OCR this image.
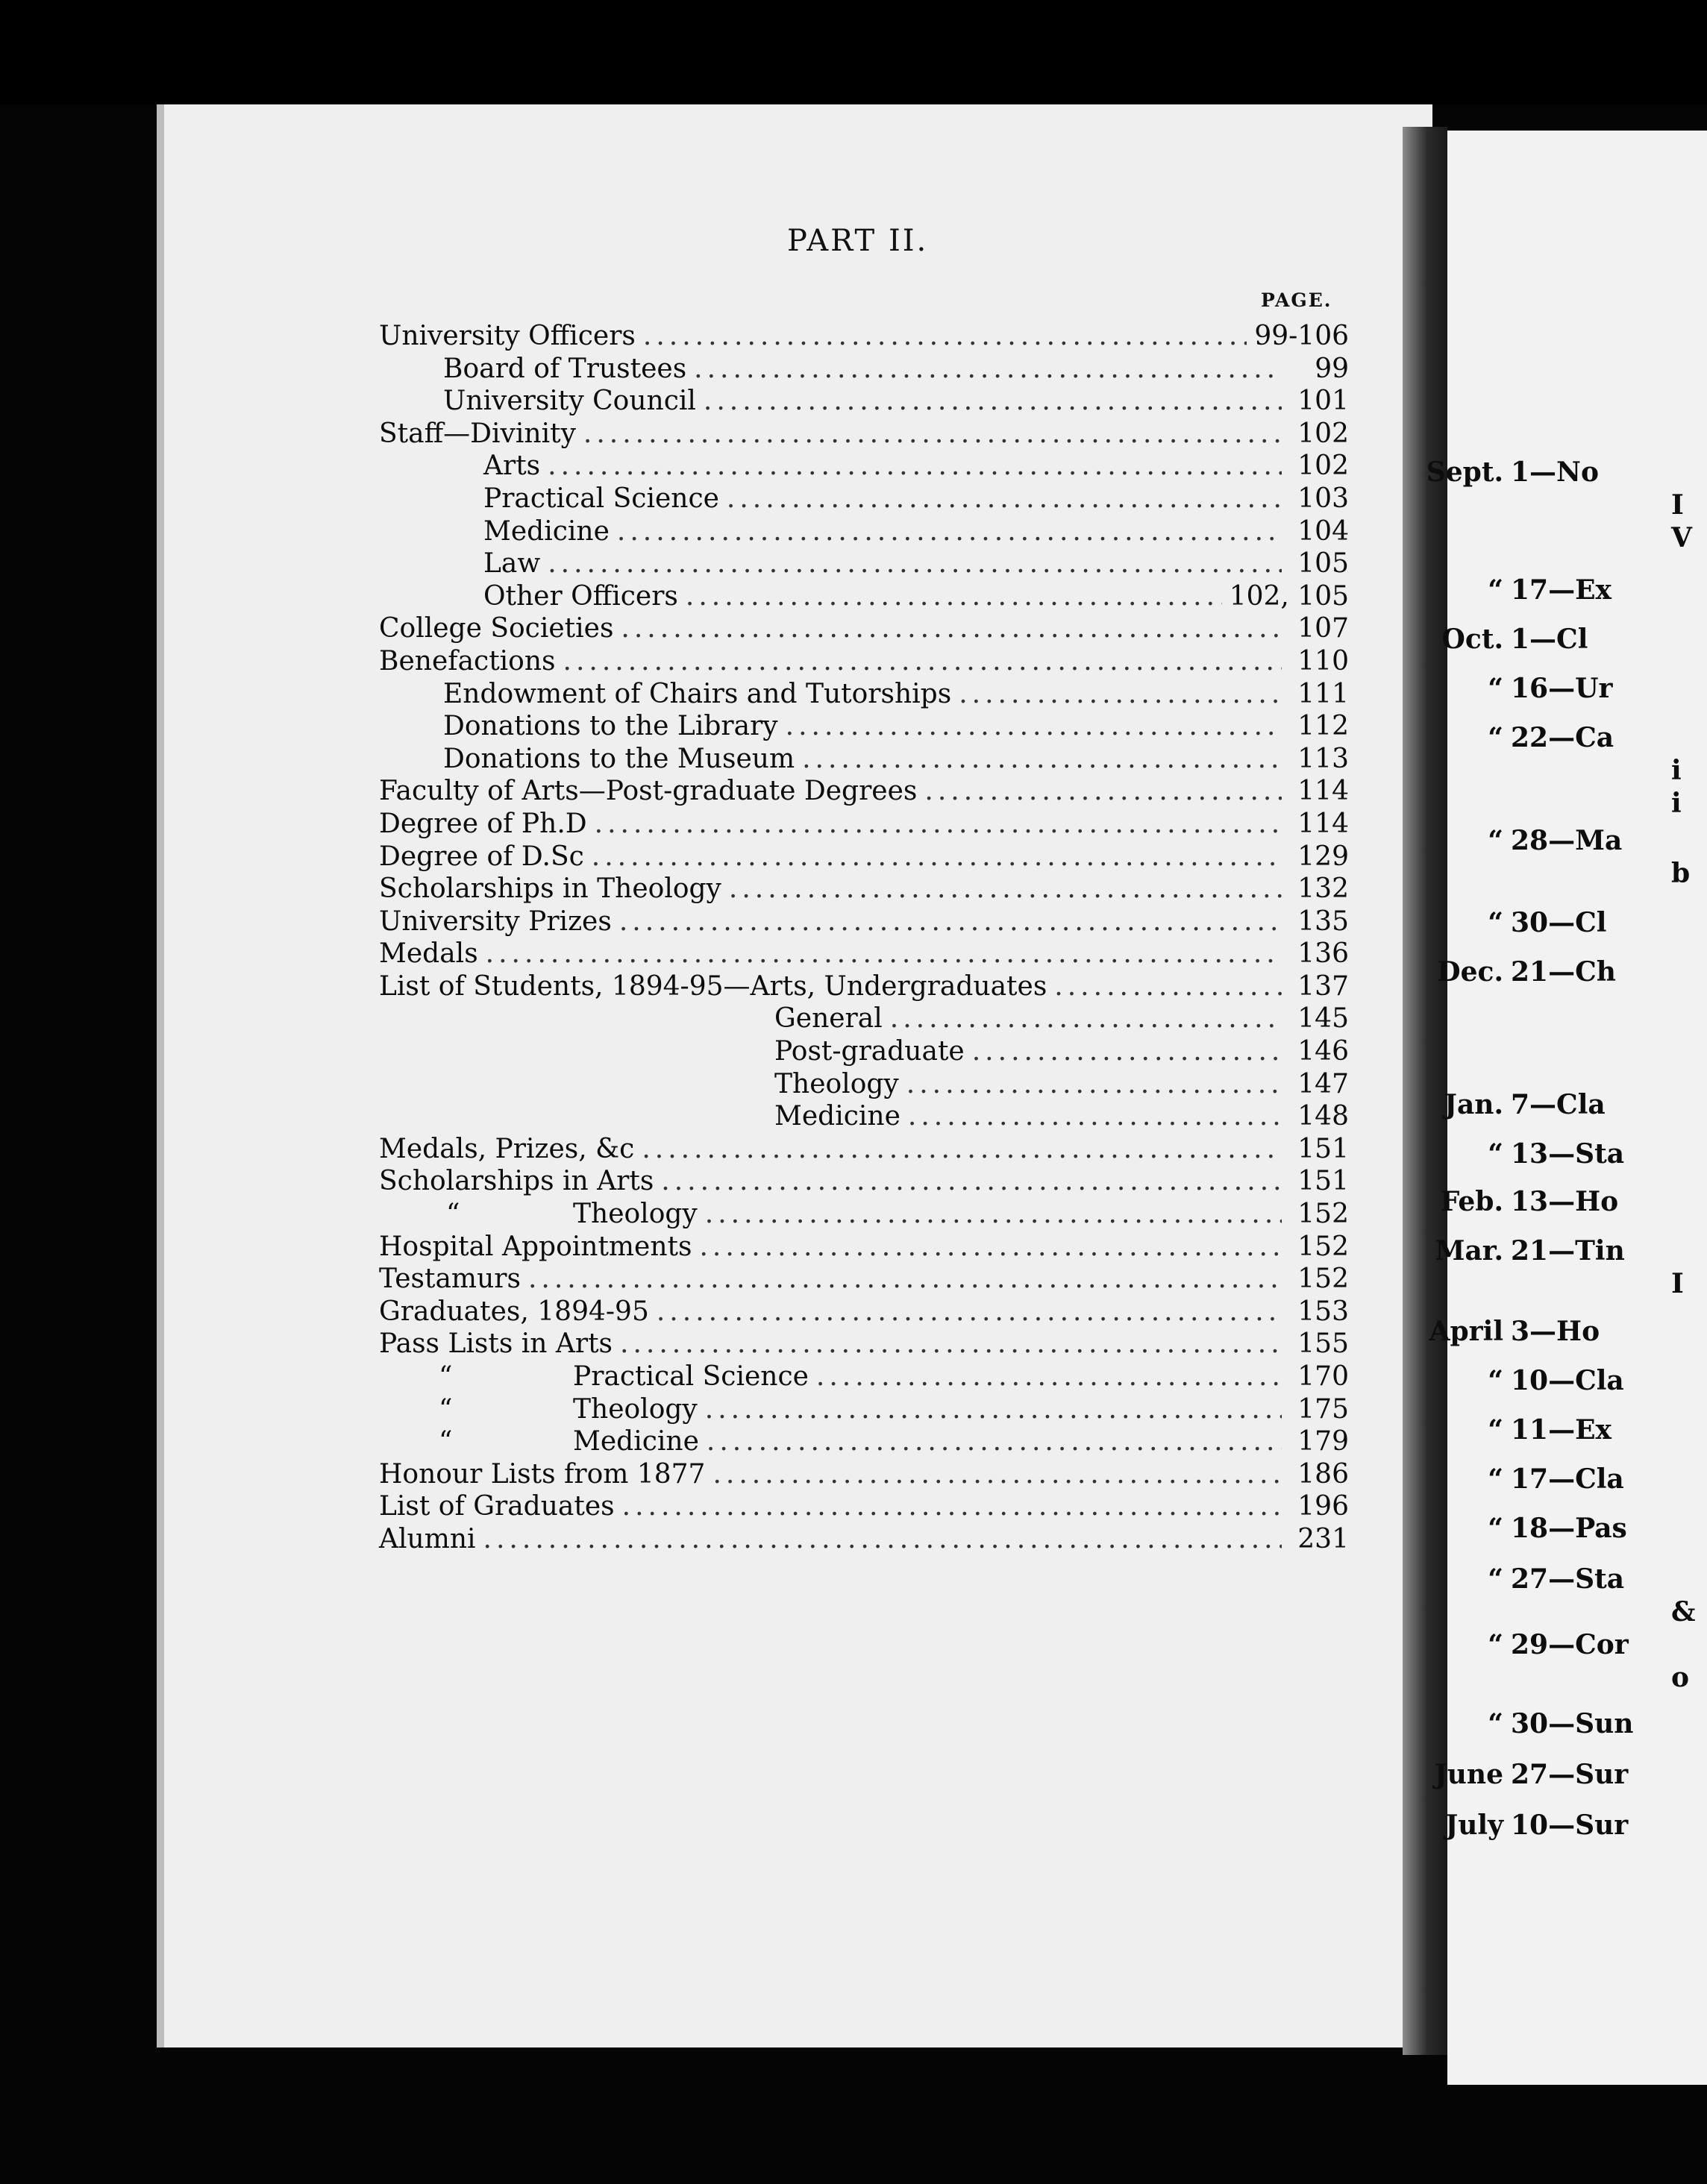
PART II.
PAGE.
University Officers .....	99-106
Board of Trustees .....	99
University Council .....	101
Staff—Divinity .....	102
Arts .....	102
Practical Science .....	103
Medicine .....	104
Law .....	105
Other Officers .....	102, 105
College Societies .....	107
Benefactions .....	110
Endowment of Chairs and Tutorships .....	111
Donations to the Library .....	112
Donations to the Museum .....	113
Faculty of Arts—Post-graduate Degrees .....	114
Degree of Ph.D .....	114
Degree of D.Sc .....	129
Scholarships in Theology .....	132
University Prizes .....	135
Medals .....	136
List of Students, 1894-95—Arts, Undergraduates .....	137
General .....	145
Post-graduate .....	146
Theology .....	147
Medicine .....	148
Medals, Prizes, &c .....	151
Scholarships in Arts .....	151
“	Theology .....	152
Hospital Appointments .....	152
Testamurs .....	152
Graduates, 1894-95 .....	153
Pass Lists in Arts .....	155
“	Practical Science .....	170
“	Theology .....	175
“	Medicine .....	179
Honour Lists from 1877 .....	186
List of Graduates .....	196
Alumni .....	231
Sept. 1—No
I
V
“ 17—Ex
Oct. 1—Cl
“ 16—Ur
“ 22—Ca
i
i
“ 28—Ma
b
“ 30—Cl
Dec. 21—Ch
Jan. 7—Cla
“ 13—Sta
Feb. 13—Ho
Mar. 21—Tin
I
April 3—Ho
“ 10—Cla
“ 11—Ex
“ 17—Cla
“ 18—Pas
“ 27—Sta
&
“ 29—Cor
o
“ 30—Sun
June 27—Sur
July 10—Sur
